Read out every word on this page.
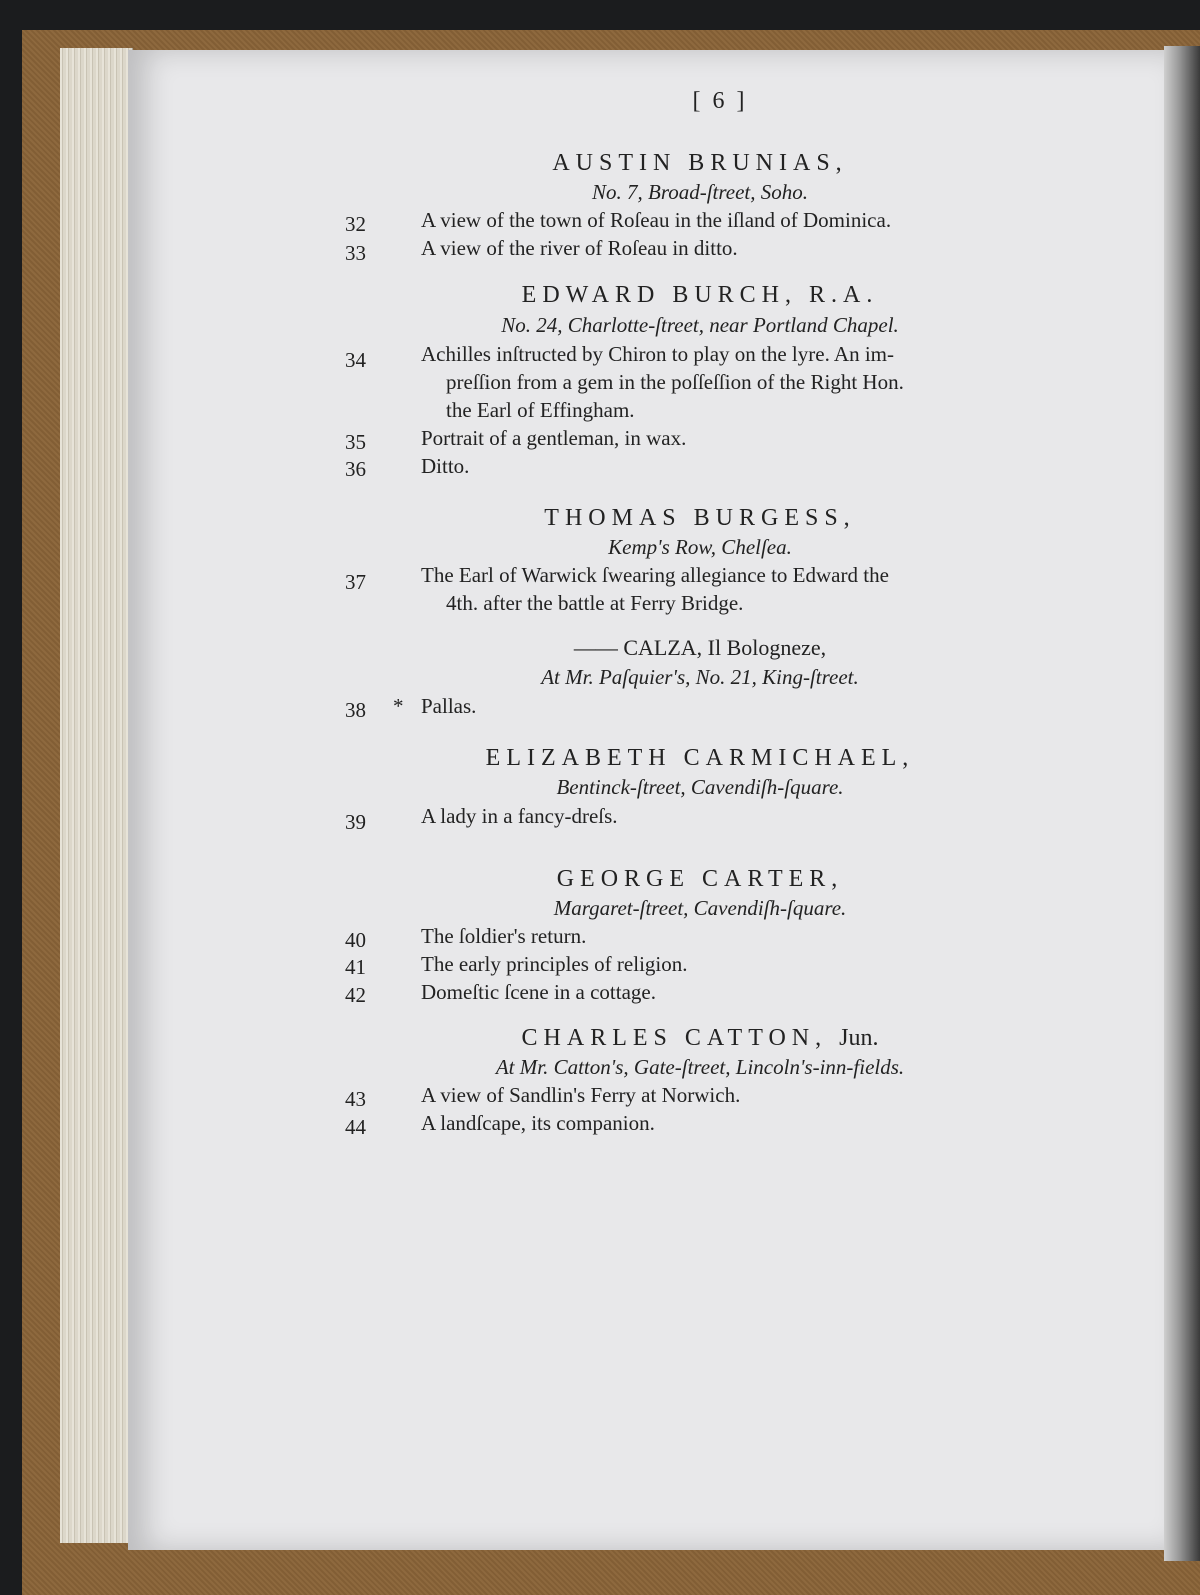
[ 6 ]
AUSTIN BRUNIAS,
No. 7, Broad-ſtreet, Soho.
32	A view of the town of Roſeau in the iſland of Dominica.
33	A view of the river of Roſeau in ditto.
EDWARD BURCH, R.A.
No. 24, Charlotte-ſtreet, near Portland Chapel.
34	Achilles inſtructed by Chiron to play on the lyre. An im-
preſſion from a gem in the poſſeſſion of the Right Hon.
the Earl of Effingham.
35	Portrait of a gentleman, in wax.
36	Ditto.
THOMAS BURGESS,
Kemp's Row, Chelſea.
37	The Earl of Warwick ſwearing allegiance to Edward the
4th. after the battle at Ferry Bridge.
—— CALZA, Il Bologneze,
At Mr. Paſquier's, No. 21, King-ſtreet.
38 * Pallas.
ELIZABETH CARMICHAEL,
Bentinck-ſtreet, Cavendiſh-ſquare.
39	A lady in a fancy-dreſs.
GEORGE CARTER,
Margaret-ſtreet, Cavendiſh-ſquare.
40	The ſoldier's return.
41	The early principles of religion.
42	Domeſtic ſcene in a cottage.
CHARLES CATTON, Jun.
At Mr. Catton's, Gate-ſtreet, Lincoln's-inn-fields.
43	A view of Sandlin's Ferry at Norwich.
44	A landſcape, its companion.
